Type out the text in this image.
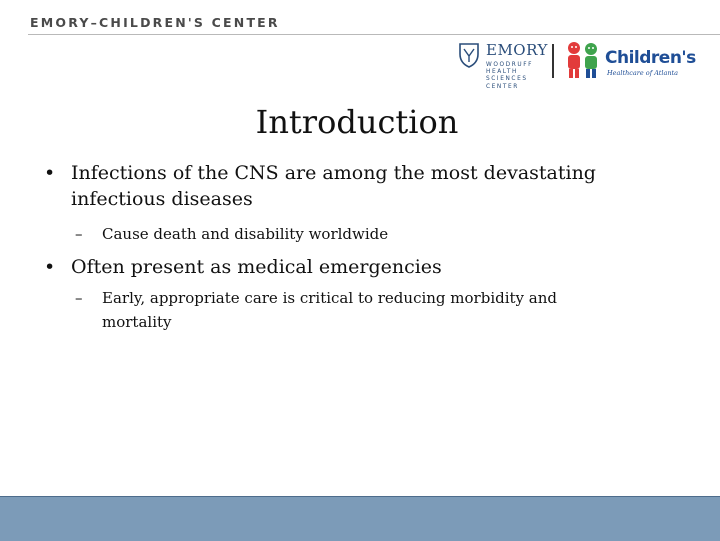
EMORY–CHILDREN'S CENTER
EMORY
WOODRUFF
HEALTH
SCIENCES
CENTER
Children's
Healthcare of Atlanta
Introduction
• Infections of the CNS are among the most devastating infectious diseases
– Cause death and disability worldwide
• Often present as medical emergencies
– Early, appropriate care is critical to reducing morbidity and mortality
